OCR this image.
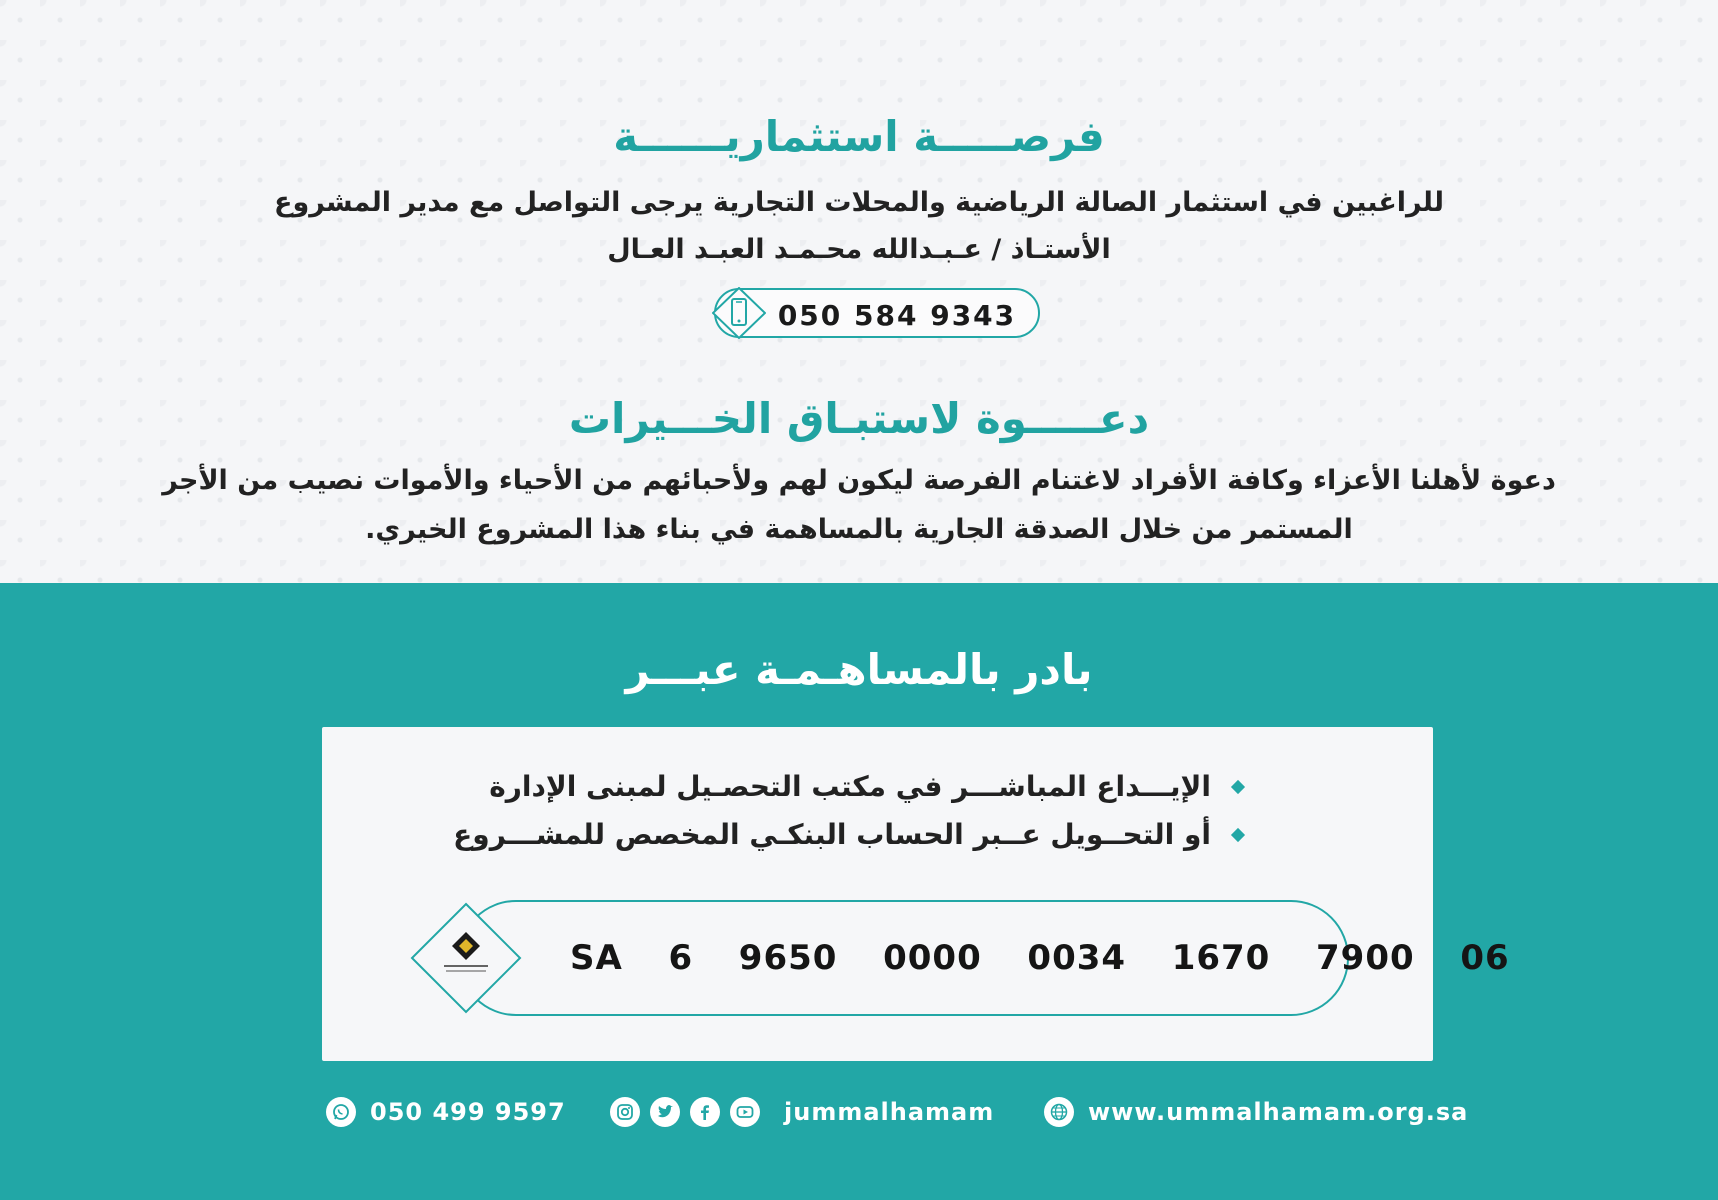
فرصـــــة استثماريــــــة
للراغبين في استثمار الصالة الرياضية والمحلات التجارية يرجى التواصل مع مدير المشروع
الأستـاذ / عـبـدالله محـمـد العبـد العـال
050 584 9343
دعـــــوة لاستبـاق الخـــيرات
دعوة لأهلنا الأعزاء وكافة الأفراد لاغتنام الفرصة ليكون لهم ولأحبائهم من الأحياء والأموات نصيب من الأجر
المستمر من خلال الصدقة الجارية بالمساهمة في بناء هذا المشروع الخيري.
بادر بالمساهـمـة عبـــر
الإيـــداع المباشـــر في مكتب التحصـيل لمبنى الإدارة
أو التحــويل عــبر الحساب البنكـي المخصص للمشـــروع
SA  6  9650  0000  0034  1670  7900  06
050 499 9597	jummalhamam	www.ummalhamam.org.sa
